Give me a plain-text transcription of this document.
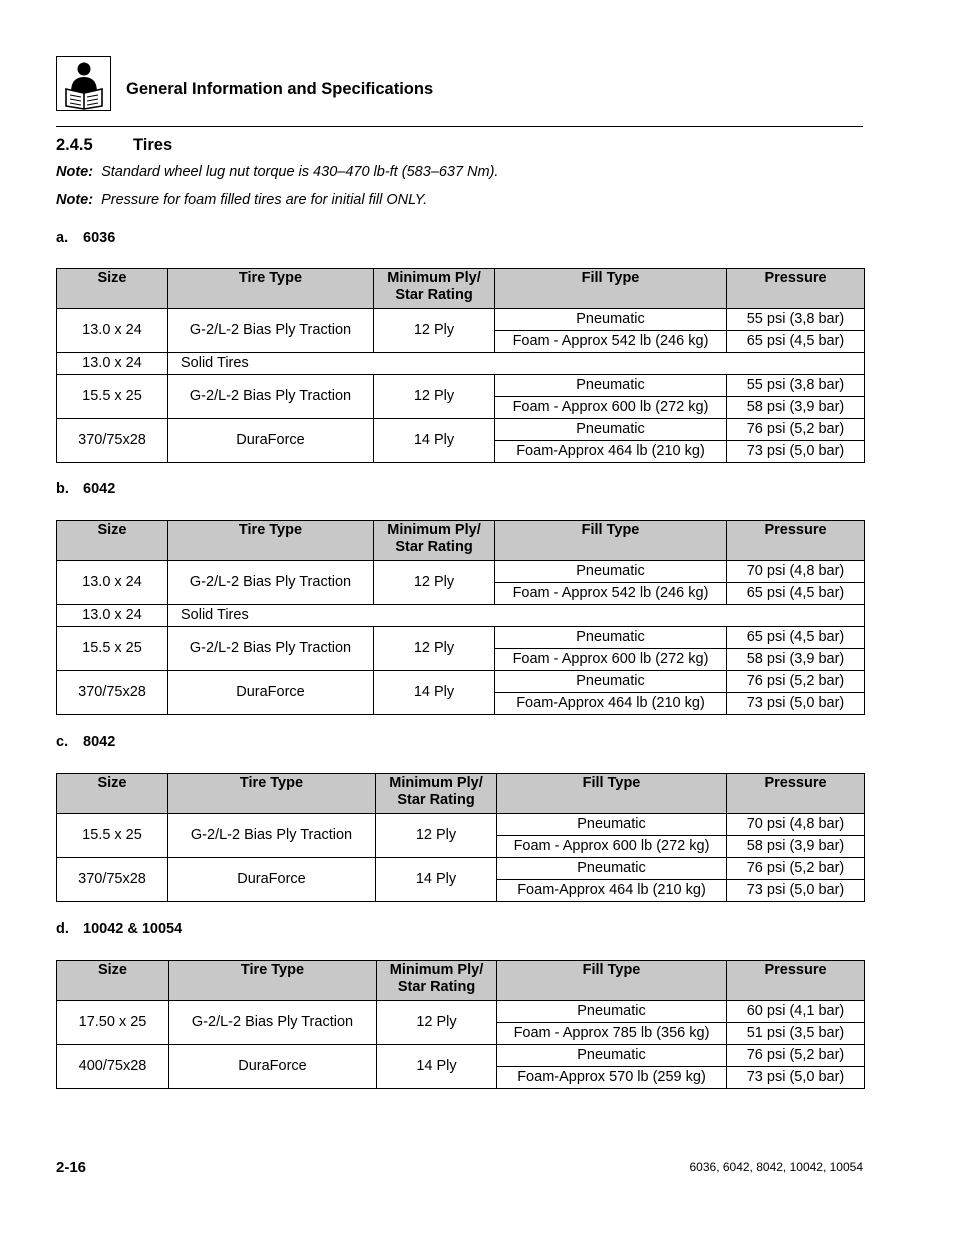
General Information and Specifications
2.4.5 Tires
Note: Standard wheel lug nut torque is 430–470 lb-ft (583–637 Nm).
Note: Pressure for foam filled tires are for initial fill ONLY.
a. 6036
Size	Tire Type	Minimum Ply/
Star Rating	Fill Type	Pressure
13.0 x 24	G-2/L-2 Bias Ply Traction	12 Ply	Pneumatic	55 psi (3,8 bar)
			Foam - Approx 542 lb (246 kg)	65 psi (4,5 bar)
13.0 x 24	Solid Tires			
15.5 x 25	G-2/L-2 Bias Ply Traction	12 Ply	Pneumatic	55 psi (3,8 bar)
			Foam - Approx 600 lb (272 kg)	58 psi (3,9 bar)
370/75x28	DuraForce	14 Ply	Pneumatic	76 psi (5,2 bar)
			Foam-Approx 464 lb (210 kg)	73 psi (5,0 bar)
b. 6042
Size	Tire Type	Minimum Ply/
Star Rating	Fill Type	Pressure
13.0 x 24	G-2/L-2 Bias Ply Traction	12 Ply	Pneumatic	70 psi (4,8 bar)
			Foam - Approx 542 lb (246 kg)	65 psi (4,5 bar)
13.0 x 24	Solid Tires			
15.5 x 25	G-2/L-2 Bias Ply Traction	12 Ply	Pneumatic	65 psi (4,5 bar)
			Foam - Approx 600 lb (272 kg)	58 psi (3,9 bar)
370/75x28	DuraForce	14 Ply	Pneumatic	76 psi (5,2 bar)
			Foam-Approx 464 lb (210 kg)	73 psi (5,0 bar)
c. 8042
Size	Tire Type	Minimum Ply/
Star Rating	Fill Type	Pressure
15.5 x 25	G-2/L-2 Bias Ply Traction	12 Ply	Pneumatic	70 psi (4,8 bar)
			Foam - Approx 600 lb (272 kg)	58 psi (3,9 bar)
370/75x28	DuraForce	14 Ply	Pneumatic	76 psi (5,2 bar)
			Foam-Approx 464 lb (210 kg)	73 psi (5,0 bar)
d. 10042 & 10054
Size	Tire Type	Minimum Ply/
Star Rating	Fill Type	Pressure
17.50 x 25	G-2/L-2 Bias Ply Traction	12 Ply	Pneumatic	60 psi (4,1 bar)
			Foam - Approx 785 lb (356 kg)	51 psi (3,5 bar)
400/75x28	DuraForce	14 Ply	Pneumatic	76 psi (5,2 bar)
			Foam-Approx 570 lb (259 kg)	73 psi (5,0 bar)
2-16	6036, 6042, 8042, 10042, 10054
